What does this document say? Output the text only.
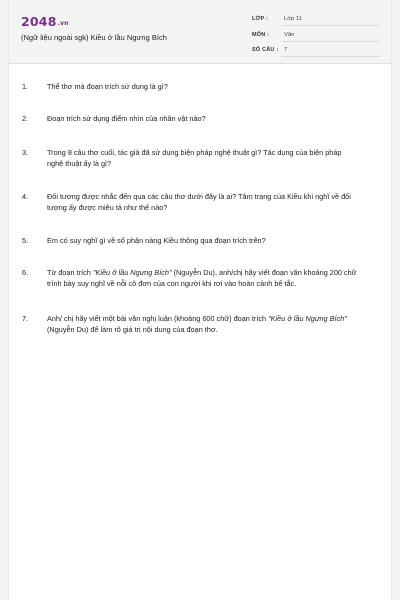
2048.vn
(Ngữ liệu ngoài sgk) Kiều ở lầu Ngưng Bích
LỚP :	Lớp 11
MÔN :	Văn
SỐ CÂU : 7
1.	Thể thơ mà đoạn trích sử dụng là gì?
2.	Đoạn trích sử dụng điểm nhìn của nhân vật nào?
3.	Trong 8 câu thơ cuối, tác giả đã sử dụng biện pháp nghệ thuật gì? Tác dụng của biện pháp
nghệ thuật ấy là gì?
4.	Đối tượng được nhắc đến qua các câu thơ dưới đây là ai? Tâm trạng của Kiều khi nghĩ về đối
tượng ấy được miêu tả như thế nào?
5.	Em có suy nghĩ gì về số phận nàng Kiều thông qua đoạn trích trên?
6.	Từ đoạn trích "Kiều ở lầu Ngưng Bích" (Nguyễn Du), anh/chị hãy viết đoạn văn khoảng 200 chữ
trình bày suy nghĩ về nỗi cô đơn của con người khi rơi vào hoàn cảnh bế tắc.
7.	Anh/ chị hãy viết một bài văn nghị luận (khoảng 600 chữ) đoạn trích "Kiều ở lầu Ngưng Bích"
(Nguyễn Du) để làm rõ giá trị nội dung của đoạn thơ.
